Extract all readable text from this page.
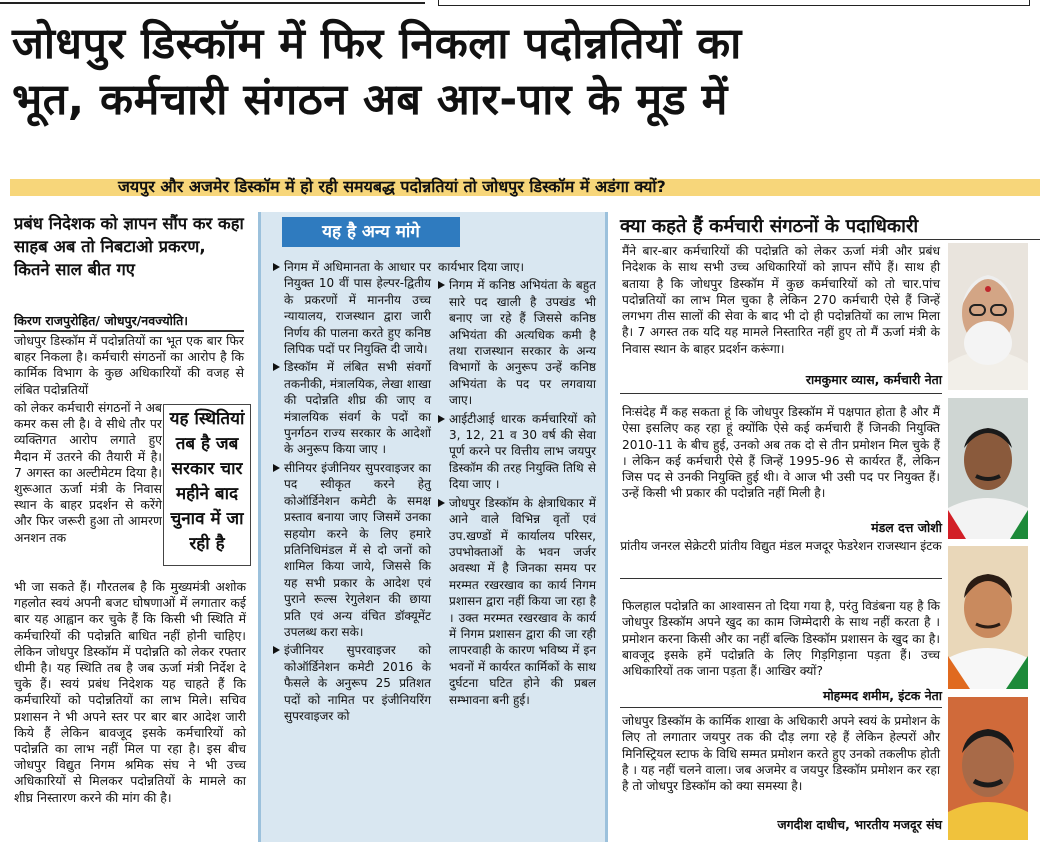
जोधपुर डिस्कॉम में फिर निकला पदोन्नतियों का
भूत, कर्मचारी संगठन अब आर-पार के मूड में
जयपुर और अजमेर डिस्कॉम में हो रही समयबद्ध पदोन्नतियां तो जोधपुर डिस्कॉम में अडंगा क्यों?
प्रबंध निदेशक को ज्ञापन सौंप कर कहा साहब अब तो निबटाओ प्रकरण, कितने साल बीत गए
किरण राजपुरोहित/ जोधपुर/नवज्योति।

जोधपुर डिस्कॉम में पदोन्नतियों का भूत एक बार फिर बाहर निकला है। कर्मचारी संगठनों का आरोप है कि कार्मिक विभाग के कुछ अधिकारियों की वजह से लंबित पदोन्नतियों

को लेकर कर्मचारी संगठनों ने अब कमर कस ली है। वे सीधे तौर पर व्यक्तिगत आरोप लगाते हुए मैदान में उतरने की तैयारी में है। 7 अगस्त का अल्टीमेटम दिया है। शुरूआत ऊर्जा मंत्री के निवास स्थान के बाहर प्रदर्शन से करेंगे और फिर जरूरी हुआ तो आमरण अनशन तक

यह स्थितियां तब है जब सरकार चार महीने बाद चुनाव में जा रही है

भी जा सकते हैं। गौरतलब है कि मुख्यमंत्री अशोक गहलोत स्वयं अपनी बजट घोषणाओं में लगातार कई बार यह आह्वान कर चुके हैं कि किसी भी स्थिति में कर्मचारियों की पदोन्नति बाधित नहीं होनी चाहिए। लेकिन जोधपुर डिस्कॉम में पदोन्नति को लेकर रफ्तार धीमी है। यह स्थिति तब है जब ऊर्जा मंत्री निर्देश दे चुके हैं। स्वयं प्रबंध निदेशक यह चाहते हैं कि कर्मचारियों को पदोन्नतियों का लाभ मिले। सचिव प्रशासन ने भी अपने स्तर पर बार बार आदेश जारी किये हैं लेकिन बावजूद इसके कर्मचारियों को पदोन्नति का लाभ नहीं मिल पा रहा है। इस बीच जोधपुर विद्युत निगम श्रमिक संघ ने भी उच्च अधिकारियों से मिलकर पदोन्नतियों के मामले का शीघ्र निस्तारण करने की मांग की है।

यह है अन्य मांगे

निगम में अधिमानता के आधार पर नियुक्त 10 वीं पास हेल्पर-द्वितीय के प्रकरणों में माननीय उच्च न्यायालय, राजस्थान द्वारा जारी निर्णय की पालना करते हुए कनिष्ठ लिपिक पदों पर नियुक्ति दी जाये।

डिस्कॉम में लंबित सभी संवर्गो तकनीकी, मंत्रालयिक, लेखा शाखा की पदोन्नति शीघ्र की जाए व मंत्रालयिक संवर्ग के पदों का पुनर्गठन राज्य सरकार के आदेशों के अनुरूप किया जाए ।

सीनियर इंजीनियर सुपरवाइजर का पद स्वीकृत करने हेतु कोऑर्डिनेशन कमेटी के समक्ष प्रस्ताव बनाया जाए जिसमें उनका सहयोग करने के लिए हमारे प्रतिनिधिमंडल में से दो जनों को शामिल किया जाये, जिससे कि यह सभी प्रकार के आदेश एवं पुराने रूल्स रेगुलेशन की छाया प्रति एवं अन्य वंचित डॉक्यूमेंट उपलब्ध करा सके।

इंजीनियर सुपरवाइजर को कोऑर्डिनेशन कमेटी 2016 के फैसले के अनुरूप 25 प्रतिशत पदों को नामित पर इंजीनियरिंग सुपरवाइजर को

कार्यभार दिया जाए।

निगम में कनिष्ठ अभियंता के बहुत सारे पद खाली है उपखंड भी बनाए जा रहे हैं जिससे कनिष्ठ अभियंता की अत्यधिक कमी है तथा राजस्थान सरकार के अन्य विभागों के अनुरूप उन्हें कनिष्ठ अभियंता के पद पर लगवाया जाए।

आईटीआई धारक कर्मचारियों को 3, 12, 21 व 30 वर्ष की सेवा पूर्ण करने पर वित्तीय लाभ जयपुर डिस्कॉम की तरह नियुक्ति तिथि से दिया जाए ।

जोधपुर डिस्कॉम के क्षेत्राधिकार में आने वाले विभिन्न वृतों एवं उप.खण्डों में कार्यालय परिसर, उपभोक्ताओं के भवन जर्जर अवस्था में है जिनका समय पर मरम्मत रखरखाव का कार्य निगम प्रशासन द्वारा नहीं किया जा रहा है । उक्त मरम्मत रखरखाव के कार्य में निगम प्रशासन द्वारा की जा रही लापरवाही के कारण भविष्य में इन भवनों में कार्यरत कार्मिकों के साथ दुर्घटना घटित होने की प्रबल सम्भावना बनी हुई।

क्या कहते हैं कर्मचारी संगठनों के पदाधिकारी

मैंने बार-बार कर्मचारियों की पदोन्नति को लेकर ऊर्जा मंत्री और प्रबंध निदेशक के साथ सभी उच्च अधिकारियों को ज्ञापन सौंपे हैं। साथ ही बताया है कि जोधपुर डिस्कॉम में कुछ कर्मचारियों को तो चार.पांच पदोन्नतियों का लाभ मिल चुका है लेकिन 270 कर्मचारी ऐसे हैं जिन्हें लगभग तीस सालों की सेवा के बाद भी दो ही पदोन्नतियों का लाभ मिला है। 7 अगस्त तक यदि यह मामले निस्तारित नहीं हुए तो मैं ऊर्जा मंत्री के निवास स्थान के बाहर प्रदर्शन करूंगा।

रामकुमार व्यास, कर्मचारी नेता

निःसंदेह मैं कह सकता हूं कि जोधपुर डिस्कॉम में पक्षपात होता है और मैं ऐसा इसलिए कह रहा हूं क्योंकि ऐसे कई कर्मचारी हैं जिनकी नियुक्ति 2010-11 के बीच हुई, उनको अब तक दो से तीन प्रमोशन मिल चुके हैं । लेकिन कई कर्मचारी ऐसे हैं जिन्हें 1995-96 से कार्यरत हैं, लेकिन जिस पद से उनकी नियुक्ति हुई थी। वे आज भी उसी पद पर नियुक्त हैं। उन्हें किसी भी प्रकार की पदोन्नति नहीं मिली है।

मंडल दत्त जोशी
प्रांतीय जनरल सेक्रेटरी प्रांतीय विद्युत मंडल मजदूर फेडरेशन राजस्थान इंटक

फिलहाल पदोन्नति का आश्वासन तो दिया गया है, परंतु विडंबना यह है कि जोधपुर डिस्कॉम अपने खुद का काम जिम्मेदारी के साथ नहीं करता है । प्रमोशन करना किसी और का नहीं बल्कि डिस्कॉम प्रशासन के खुद का है। बावजूद इसके हमें पदोन्नति के लिए गिड़गिड़ाना पड़ता हैं। उच्च अधिकारियों तक जाना पड़ता हैं। आखिर क्यों?

मोहम्मद शमीम, इंटक नेता

जोधपुर डिस्कॉम के कार्मिक शाखा के अधिकारी अपने स्वयं के प्रमोशन के लिए तो लगातार जयपुर तक की दौड़ लगा रहे हैं लेकिन हेल्परों और मिनिस्ट्रियल स्टाफ के विधि सम्मत प्रमोशन करते हुए उनको तकलीफ होती है । यह नहीं चलने वाला। जब अजमेर व जयपुर डिस्कॉम प्रमोशन कर रहा है तो जोधपुर डिस्कॉम को क्या समस्या है।

जगदीश दाधीच, भारतीय मजदूर संघ
